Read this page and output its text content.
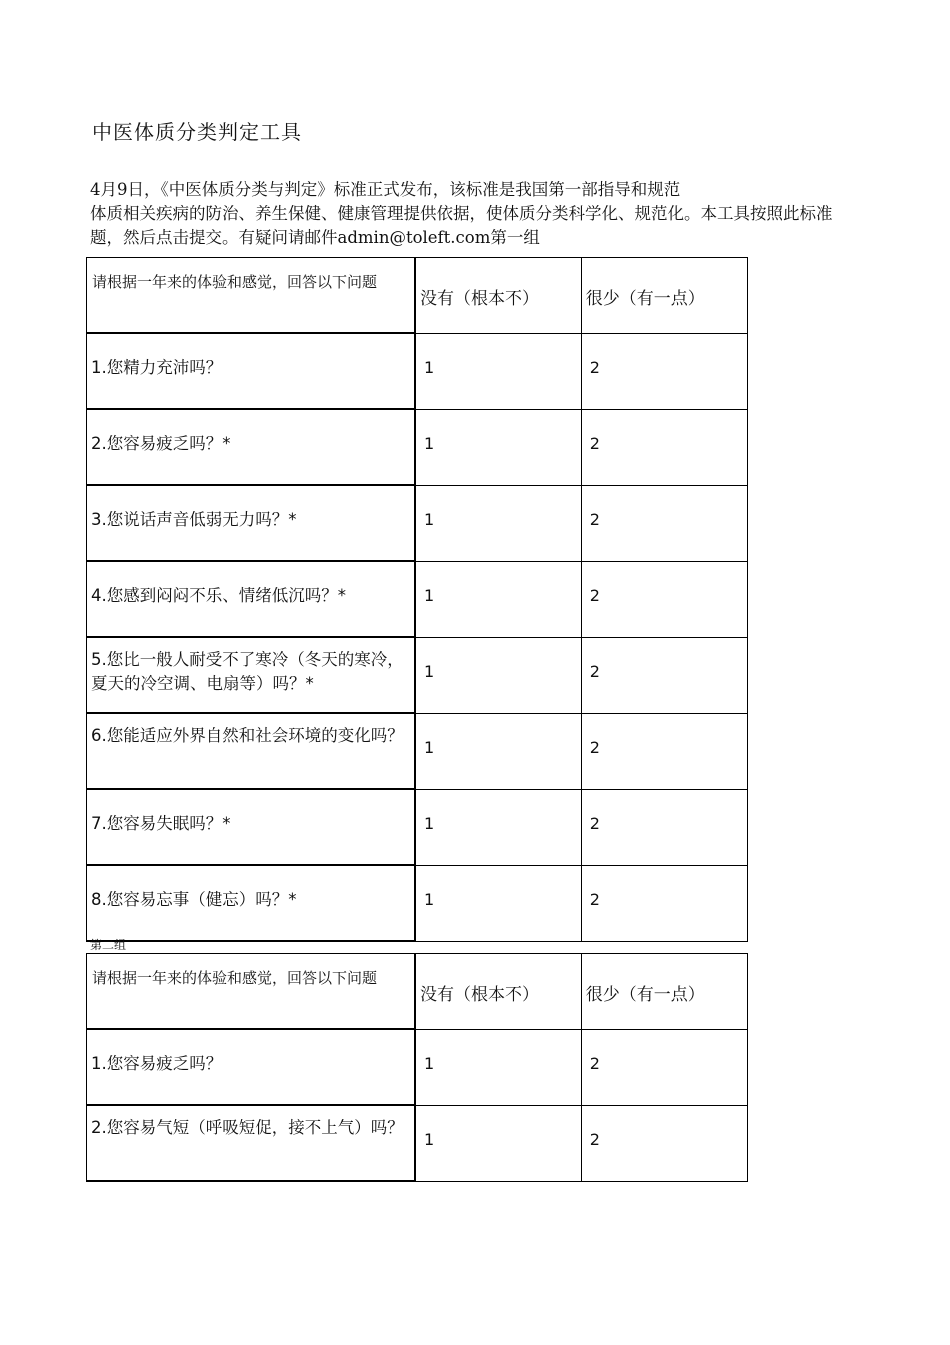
中医体质分类判定工具
4月9日，《中医体质分类与判定》标准正式发布，该标准是我国第一部指导和规范
体质相关疾病的防治、养生保健、健康管理提供依据，使体质分类科学化、规范化。本工具按照此标准
题，然后点击提交。有疑问请邮件admin@toleft.com第一组
请根据一年来的体验和感觉，回答以下问题	没有（根本不）	很少（有一点）

1.您精力充沛吗？	1	2

2.您容易疲乏吗？*	1	2

3.您说话声音低弱无力吗？*	1	2

4.您感到闷闷不乐、情绪低沉吗？*	1	2

5.您比一般人耐受不了寒冷（冬天的寒冷，夏天的冷空调、电扇等）吗？*	1	2

6.您能适应外界自然和社会环境的变化吗？	1	2

7.您容易失眠吗？*	1	2

8.您容易忘事（健忘）吗？*	1	2
第二组
请根据一年来的体验和感觉，回答以下问题	没有（根本不）	很少（有一点）

1.您容易疲乏吗？	1	2

2.您容易气短（呼吸短促，接不上气）吗？	1	2
